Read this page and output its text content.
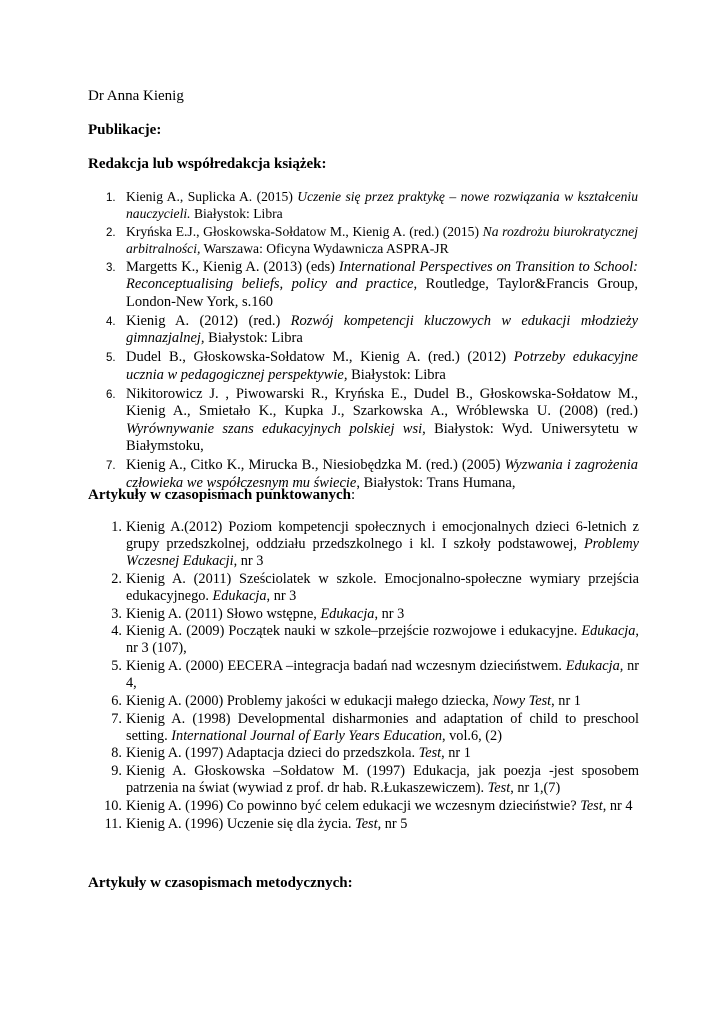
Dr Anna Kienig
Publikacje:
Redakcja lub współredakcja książek:
1. Kienig A., Suplicka A. (2015) Uczenie się przez praktykę – nowe rozwiązania w kształceniu nauczycieli. Białystok: Libra
2. Kryńska E.J., Głoskowska-Sołdatow M., Kienig A. (red.) (2015) Na rozdrożu biurokratycznej arbitralności, Warszawa: Oficyna Wydawnicza ASPRA-JR
3. Margetts K., Kienig A. (2013) (eds) International Perspectives on Transition to School: Reconceptualising beliefs, policy and practice, Routledge, Taylor&Francis Group, London-New York, s.160
4. Kienig A. (2012) (red.) Rozwój kompetencji kluczowych w edukacji młodzieży gimnazjalnej, Białystok: Libra
5. Dudel B., Głoskowska-Sołdatow M., Kienig A. (red.) (2012) Potrzeby edukacyjne ucznia w pedagogicznej perspektywie, Białystok: Libra
6. Nikitorowicz J. , Piwowarski R., Kryńska E., Dudel B., Głoskowska-Sołdatow M., Kienig A., Smietało K., Kupka J., Szarkowska A., Wróblewska U. (2008) (red.) Wyrównywanie szans edukacyjnych polskiej wsi, Białystok: Wyd. Uniwersytetu w Białymstoku,
7. Kienig A., Citko K., Mirucka B., Niesiobędzka M. (red.) (2005) Wyzwania i zagrożenia człowieka we współczesnym mu świecie, Białystok: Trans Humana,
Artykuły w czasopismach punktowanych:
1. Kienig A.(2012) Poziom kompetencji społecznych i emocjonalnych dzieci 6-letnich z grupy przedszkolnej, oddziału przedszkolnego i kl. I szkoły podstawowej, Problemy Wczesnej Edukacji, nr 3
2. Kienig A. (2011) Sześciolatek w szkole. Emocjonalno-społeczne wymiary przejścia edukacyjnego. Edukacja, nr 3
3. Kienig A. (2011) Słowo wstępne, Edukacja, nr 3
4. Kienig A. (2009) Początek nauki w szkole–przejście rozwojowe i edukacyjne. Edukacja, nr 3 (107),
5. Kienig A. (2000) EECERA –integracja badań nad wczesnym dzieciństwem. Edukacja, nr 4,
6. Kienig A. (2000) Problemy jakości w edukacji małego dziecka, Nowy Test, nr 1
7. Kienig A. (1998) Developmental disharmonies and adaptation of child to preschool setting. International Journal of Early Years Education, vol.6, (2)
8. Kienig A. (1997) Adaptacja dzieci do przedszkola. Test, nr 1
9. Kienig A. Głoskowska –Sołdatow M. (1997) Edukacja, jak poezja -jest sposobem patrzenia na świat (wywiad z prof. dr hab. R.Łukaszewiczem). Test, nr 1,(7)
10. Kienig A. (1996) Co powinno być celem edukacji we wczesnym dzieciństwie? Test, nr 4
11. Kienig A. (1996) Uczenie się dla życia. Test, nr 5
Artykuły w czasopismach metodycznych:
